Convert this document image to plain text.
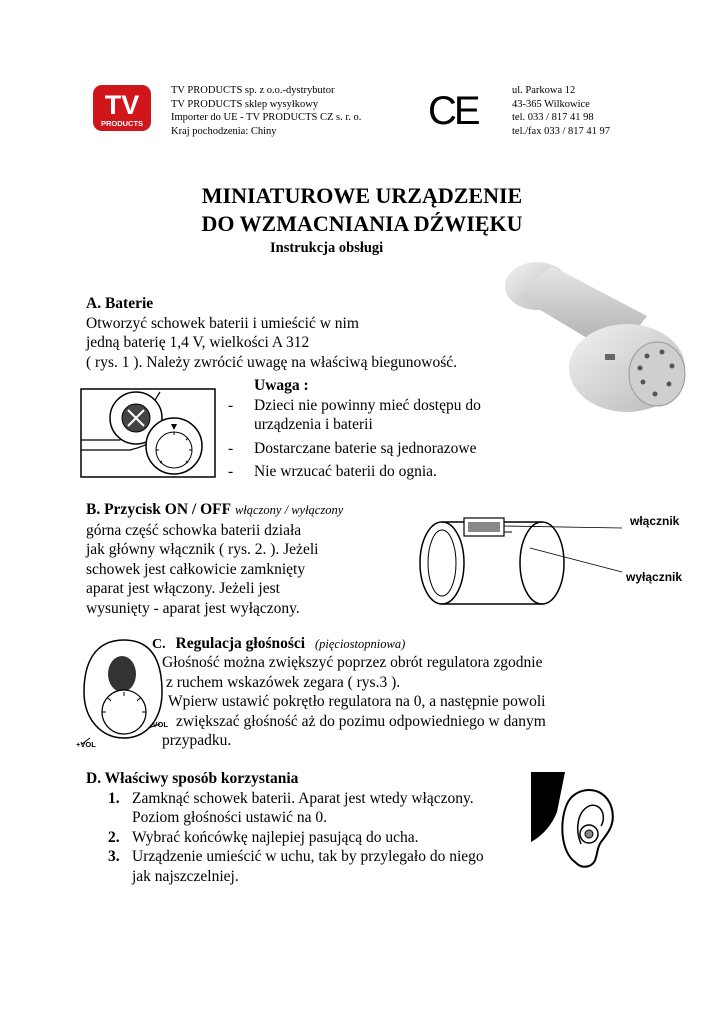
TV
PRODUCTS
TV PRODUCTS sp. z o.o.-dystrybutor
TV PRODUCTS sklep wysyłkowy
Importer do UE - TV PRODUCTS CZ s. r. o.
Kraj pochodzenia: Chiny	CE	ul. Parkowa 12
43-365 Wilkowice
tel. 033 / 817 41 98
tel./fax 033 / 817 41 97
MINIATUROWE URZĄDZENIE
DO WZMACNIANIA DŹWIĘKU
Instrukcja obsługi
A. Baterie
Otworzyć schowek baterii i umieścić w nim
jedną baterię 1,4 V, wielkości A 312
( rys. 1 ). Należy zwrócić uwagę na właściwą biegunowość.
Uwaga :
- Dzieci nie powinny mieć dostępu do
urządzenia i baterii
- Dostarczane baterie są jednorazowe
- Nie wrzucać baterii do ognia.
B. Przycisk ON / OFF włączony / wyłączony
górna część schowka baterii działa
jak główny włącznik ( rys. 2. ). Jeżeli
schowek jest całkowicie zamknięty
aparat jest włączony. Jeżeli jest
wysunięty - aparat jest wyłączony.
włącznik
wyłącznik
-VOL
+VOL
C. Regulacja głośności (pięciostopniowa)
Głośność można zwiększyć poprzez obrót regulatora zgodnie
z ruchem wskazówek zegara ( rys.3 ).
Wpierw ustawić pokrętło regulatora na 0, a następnie powoli
zwiększać głośność aż do pozimu odpowiedniego w danym
przypadku.
D. Właściwy sposób korzystania
1. Zamknąć schowek baterii. Aparat jest wtedy włączony.
Poziom głośności ustawić na 0.
2. Wybrać końcówkę najlepiej pasującą do ucha.
3. Urządzenie umieścić w uchu, tak by przylegało do niego
jak najszczelniej.
